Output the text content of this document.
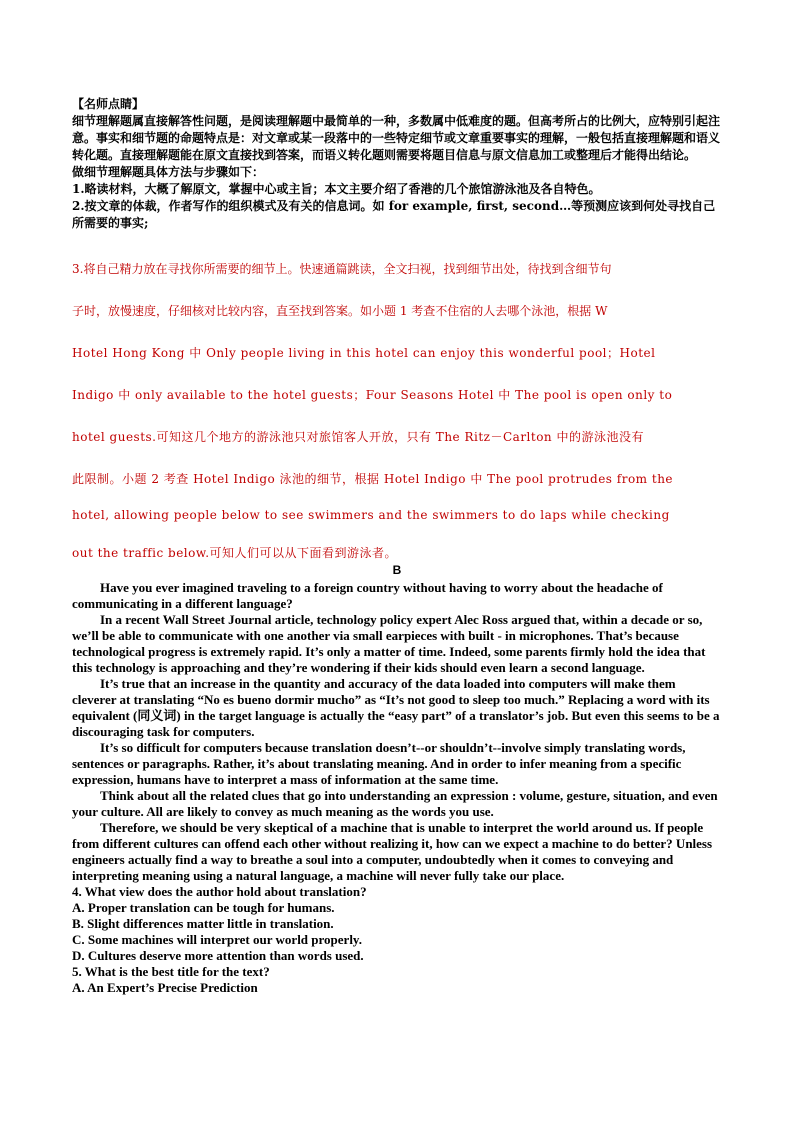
【名师点睛】

细节理解题属直接解答性问题，是阅读理解题中最简单的一种，多数属中低难度的题。但高考所占的比例大，应特别引起注意。事实和细节题的命题特点是：对文章或某一段落中的一些特定细节或文章重要事实的理解，一般包括直接理解题和语义转化题。直接理解题能在原文直接找到答案，而语义转化题则需要将题目信息与原文信息加工或整理后才能得出结论。

做细节理解题具体方法与步骤如下：

1.略读材料，大概了解原文，掌握中心或主旨；本文主要介绍了香港的几个旅馆游泳池及各自特色。

2.按文章的体裁，作者写作的组织模式及有关的信息词。如 for example, first, second…等预测应该到何处寻找自己所需要的事实;

3.将自己精力放在寻找你所需要的细节上。快速通篇跳读，全文扫视，找到细节出处，待找到含细节句
子时，放慢速度，仔细核对比较内容，直至找到答案。如小题 1 考查不住宿的人去哪个泳池，根据 W
Hotel Hong Kong 中 Only people living in this hotel can enjoy this wonderful pool；Hotel
Indigo 中 only available to the hotel guests；Four Seasons Hotel 中 The pool is open only to
hotel guests.可知这几个地方的游泳池只对旅馆客人开放，只有 The Ritz－Carlton 中的游泳池没有
此限制。小题 2 考查 Hotel Indigo 泳池的细节，根据 Hotel Indigo 中 The pool protrudes from the
hotel, allowing people below to see swimmers and the swimmers to do laps while checking
out the traffic below.可知人们可以从下面看到游泳者。
B

Have you ever imagined traveling to a foreign country without having to worry about the headache of communicating in a different language?

In a recent Wall Street Journal article, technology policy expert Alec Ross argued that, within a decade or so, we’ll be able to communicate with one another via small earpieces with built - in microphones. That’s because technological progress is extremely rapid. It’s only a matter of time. Indeed, some parents firmly hold the idea that this technology is approaching and they’re wondering if their kids should even learn a second language.

It’s true that an increase in the quantity and accuracy of the data loaded into computers will make them cleverer at translating “No es bueno dormir mucho” as “It’s not good to sleep too much.” Replacing a word with its equivalent (同义词) in the target language is actually the “easy part” of a translator’s job. But even this seems to be a discouraging task for computers.

It’s so difficult for computers because translation doesn’t--or shouldn’t--involve simply translating words, sentences or paragraphs. Rather, it’s about translating meaning. And in order to infer meaning from a specific expression, humans have to interpret a mass of information at the same time.

Think about all the related clues that go into understanding an expression : volume, gesture, situation, and even your culture. All are likely to convey as much meaning as the words you use.

Therefore, we should be very skeptical of a machine that is unable to interpret the world around us. If people from different cultures can offend each other without realizing it, how can we expect a machine to do better? Unless engineers actually find a way to breathe a soul into a computer, undoubtedly when it comes to conveying and interpreting meaning using a natural language, a machine will never fully take our place.

4. What view does the author hold about translation?

A. Proper translation can be tough for humans.

B. Slight differences matter little in translation.

C. Some machines will interpret our world properly.

D. Cultures deserve more attention than words used.

5. What is the best title for the text?

A. An Expert’s Precise Prediction
